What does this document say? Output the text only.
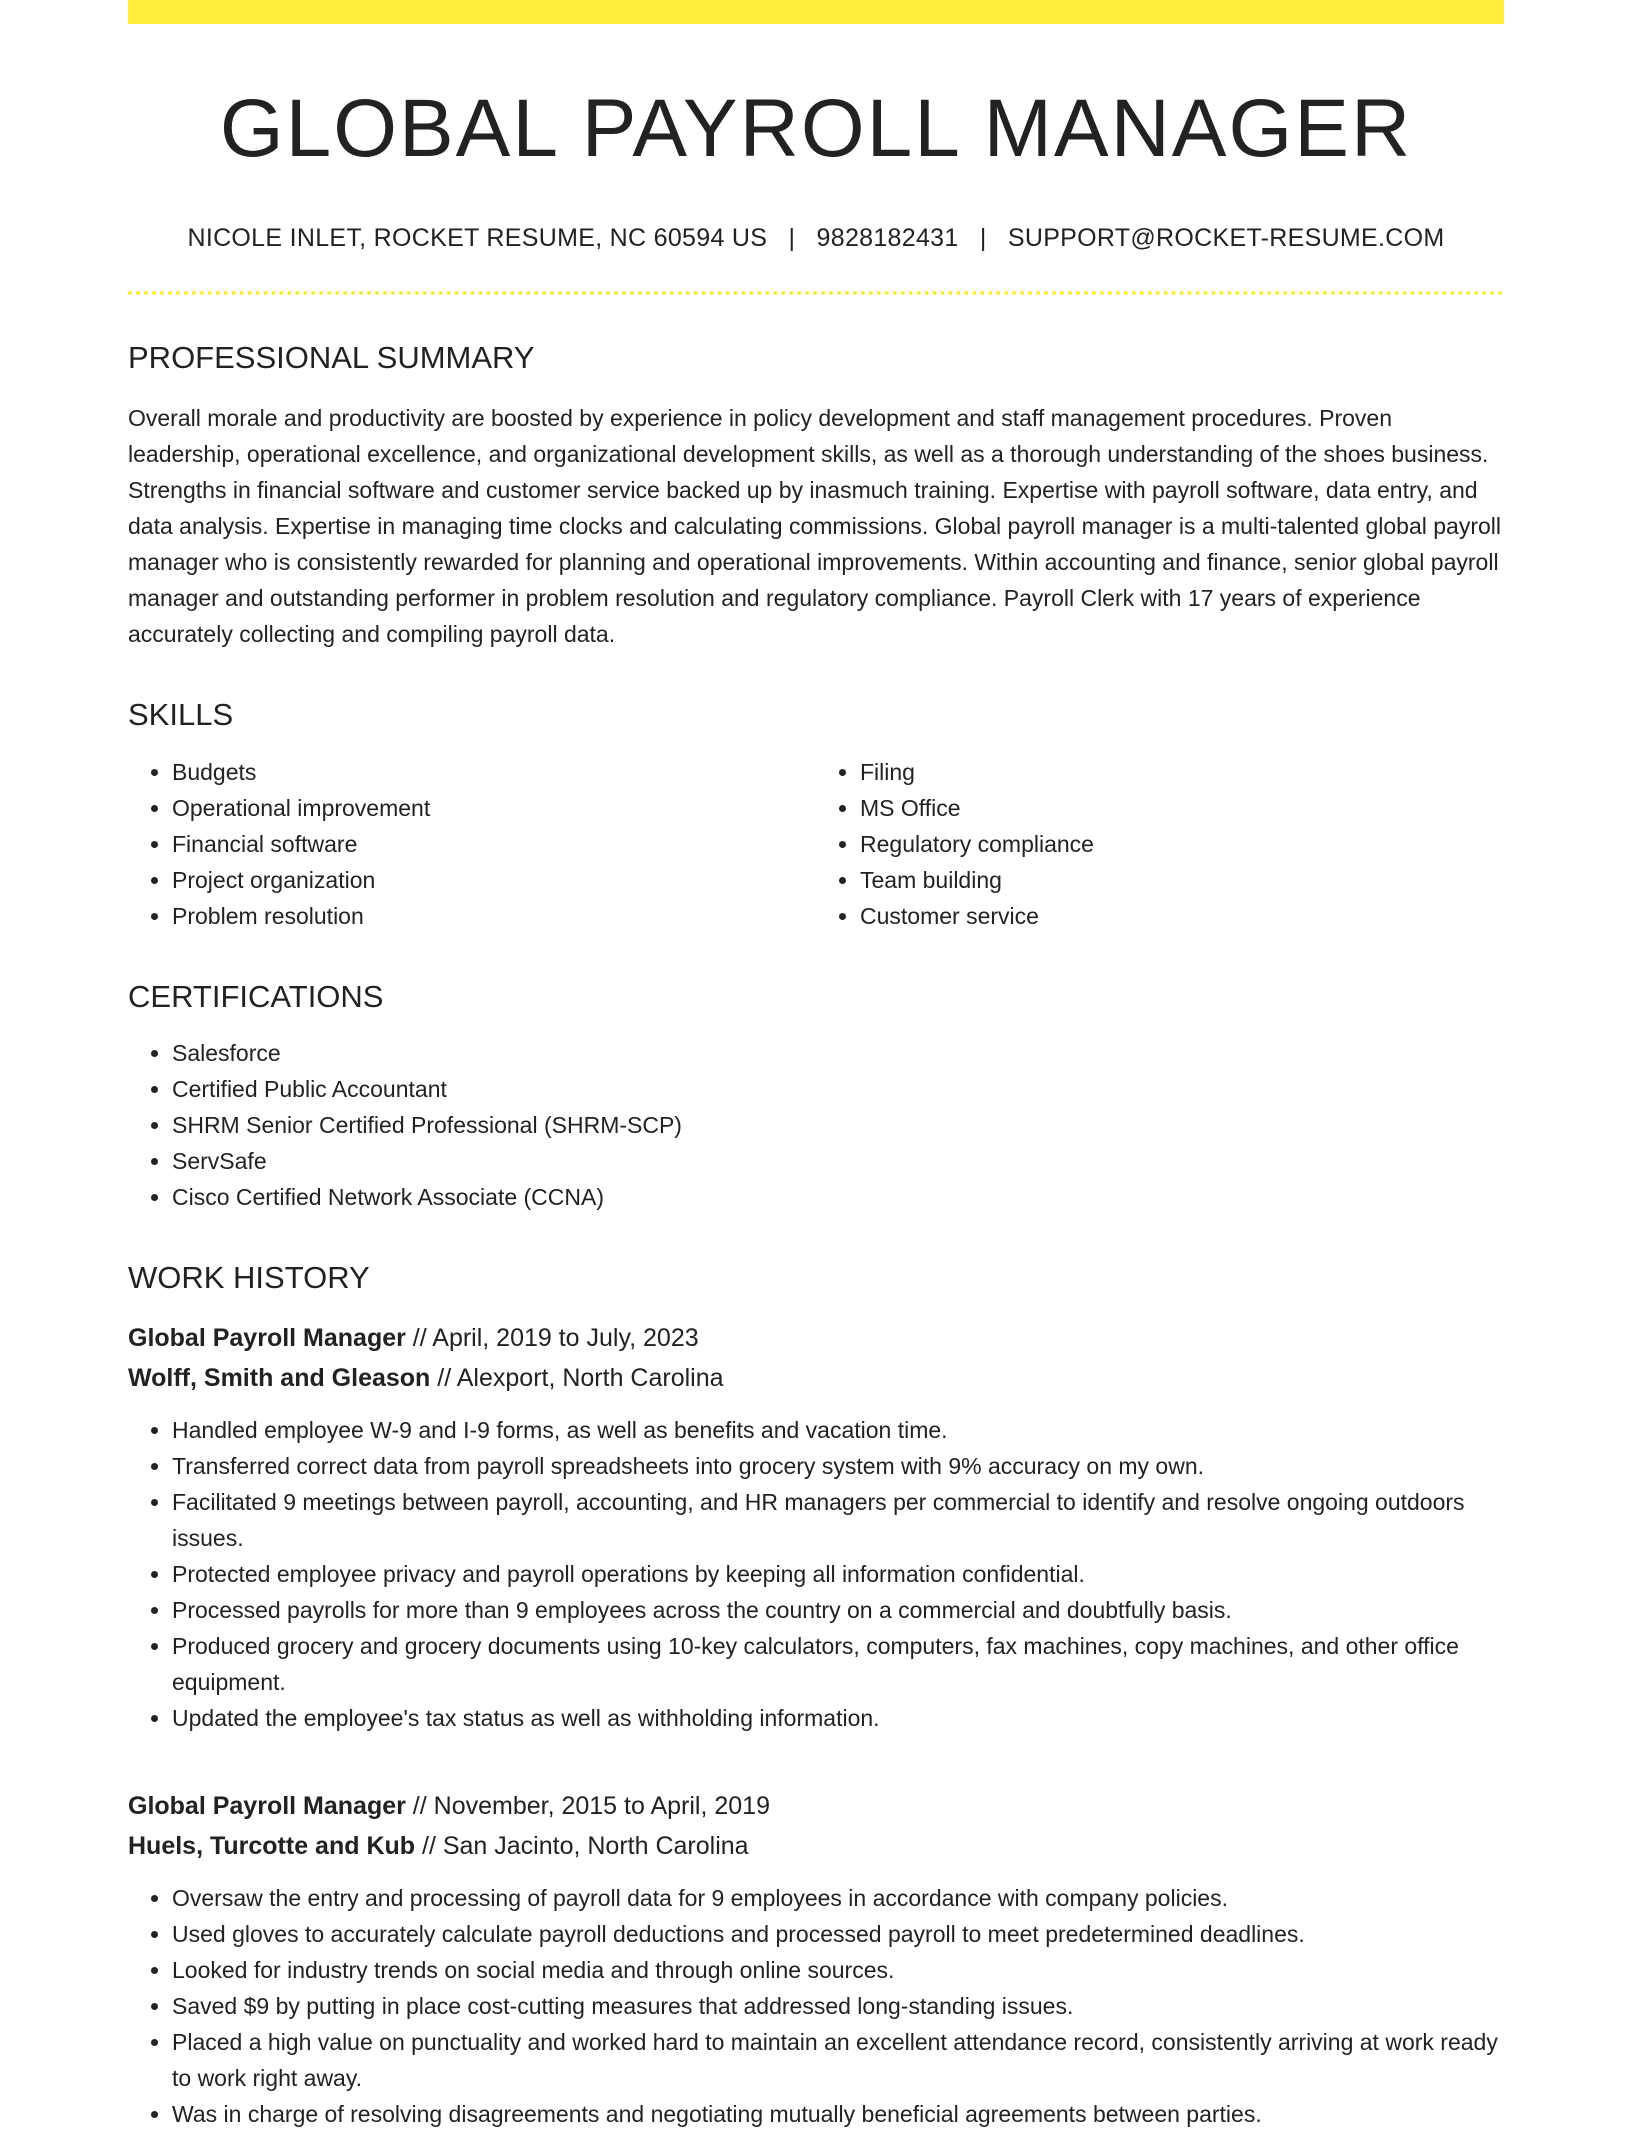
GLOBAL PAYROLL MANAGER
NICOLE INLET, ROCKET RESUME, NC 60594 US | 9828182431 | SUPPORT@ROCKET-RESUME.COM
PROFESSIONAL SUMMARY
Overall morale and productivity are boosted by experience in policy development and staff management procedures. Proven leadership, operational excellence, and organizational development skills, as well as a thorough understanding of the shoes business. Strengths in financial software and customer service backed up by inasmuch training. Expertise with payroll software, data entry, and data analysis. Expertise in managing time clocks and calculating commissions. Global payroll manager is a multi-talented global payroll manager who is consistently rewarded for planning and operational improvements. Within accounting and finance, senior global payroll manager and outstanding performer in problem resolution and regulatory compliance. Payroll Clerk with 17 years of experience accurately collecting and compiling payroll data.
SKILLS
• Budgets
• Operational improvement
• Financial software
• Project organization
• Problem resolution
• Filing
• MS Office
• Regulatory compliance
• Team building
• Customer service
CERTIFICATIONS
• Salesforce
• Certified Public Accountant
• SHRM Senior Certified Professional (SHRM-SCP)
• ServSafe
• Cisco Certified Network Associate (CCNA)
WORK HISTORY
Global Payroll Manager // April, 2019 to July, 2023
Wolff, Smith and Gleason // Alexport, North Carolina
• Handled employee W-9 and I-9 forms, as well as benefits and vacation time.
• Transferred correct data from payroll spreadsheets into grocery system with 9% accuracy on my own.
• Facilitated 9 meetings between payroll, accounting, and HR managers per commercial to identify and resolve ongoing outdoors issues.
• Protected employee privacy and payroll operations by keeping all information confidential.
• Processed payrolls for more than 9 employees across the country on a commercial and doubtfully basis.
• Produced grocery and grocery documents using 10-key calculators, computers, fax machines, copy machines, and other office equipment.
• Updated the employee's tax status as well as withholding information.
Global Payroll Manager // November, 2015 to April, 2019
Huels, Turcotte and Kub // San Jacinto, North Carolina
• Oversaw the entry and processing of payroll data for 9 employees in accordance with company policies.
• Used gloves to accurately calculate payroll deductions and processed payroll to meet predetermined deadlines.
• Looked for industry trends on social media and through online sources.
• Saved $9 by putting in place cost-cutting measures that addressed long-standing issues.
• Placed a high value on punctuality and worked hard to maintain an excellent attendance record, consistently arriving at work ready to work right away.
• Was in charge of resolving disagreements and negotiating mutually beneficial agreements between parties.
